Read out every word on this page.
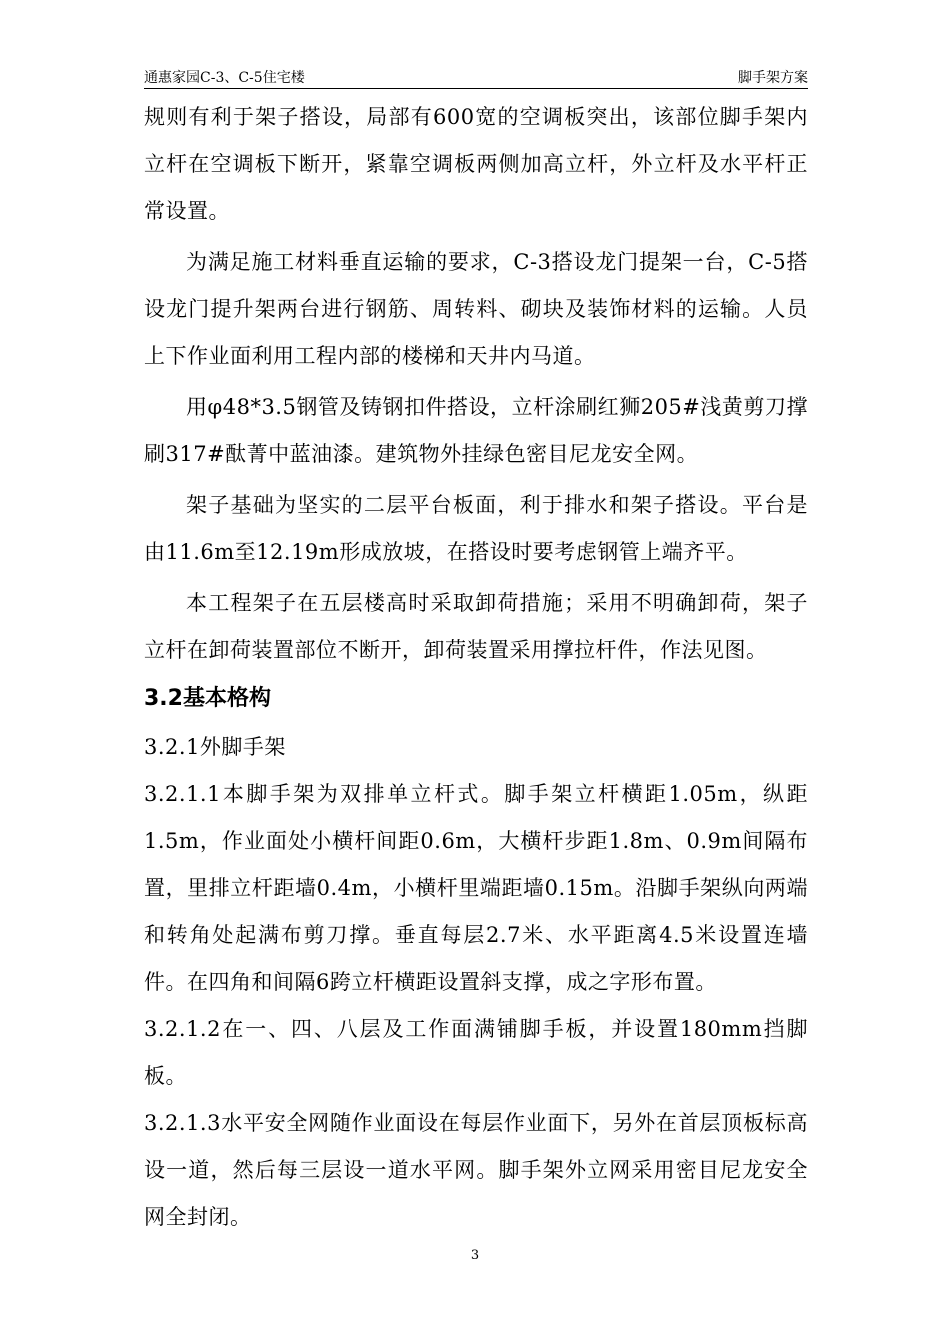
通惠家园C-3、C-5住宅楼	脚手架方案

规则有利于架子搭设，局部有600宽的空调板突出，该部位脚手架内立杆在空调板下断开，紧靠空调板两侧加高立杆，外立杆及水平杆正常设置。

为满足施工材料垂直运输的要求，C-3搭设龙门提架一台，C-5搭设龙门提升架两台进行钢筋、周转料、砌块及装饰材料的运输。人员上下作业面利用工程内部的楼梯和天井内马道。

用φ48*3.5钢管及铸钢扣件搭设，立杆涂刷红狮205#浅黄剪刀撑刷317#酞菁中蓝油漆。建筑物外挂绿色密目尼龙安全网。

架子基础为坚实的二层平台板面，利于排水和架子搭设。平台是由11.6m至12.19m形成放坡，在搭设时要考虑钢管上端齐平。

本工程架子在五层楼高时采取卸荷措施；采用不明确卸荷，架子立杆在卸荷装置部位不断开，卸荷装置采用撑拉杆件，作法见图。

3.2基本格构

3.2.1外脚手架

3.2.1.1本脚手架为双排单立杆式。脚手架立杆横距1.05m，纵距1.5m，作业面处小横杆间距0.6m，大横杆步距1.8m、0.9m间隔布置，里排立杆距墙0.4m，小横杆里端距墙0.15m。沿脚手架纵向两端和转角处起满布剪刀撑。垂直每层2.7米、水平距离4.5米设置连墙件。在四角和间隔6跨立杆横距设置斜支撑，成之字形布置。

3.2.1.2在一、四、八层及工作面满铺脚手板，并设置180mm挡脚板。

3.2.1.3水平安全网随作业面设在每层作业面下，另外在首层顶板标高设一道，然后每三层设一道水平网。脚手架外立网采用密目尼龙安全网全封闭。

3
